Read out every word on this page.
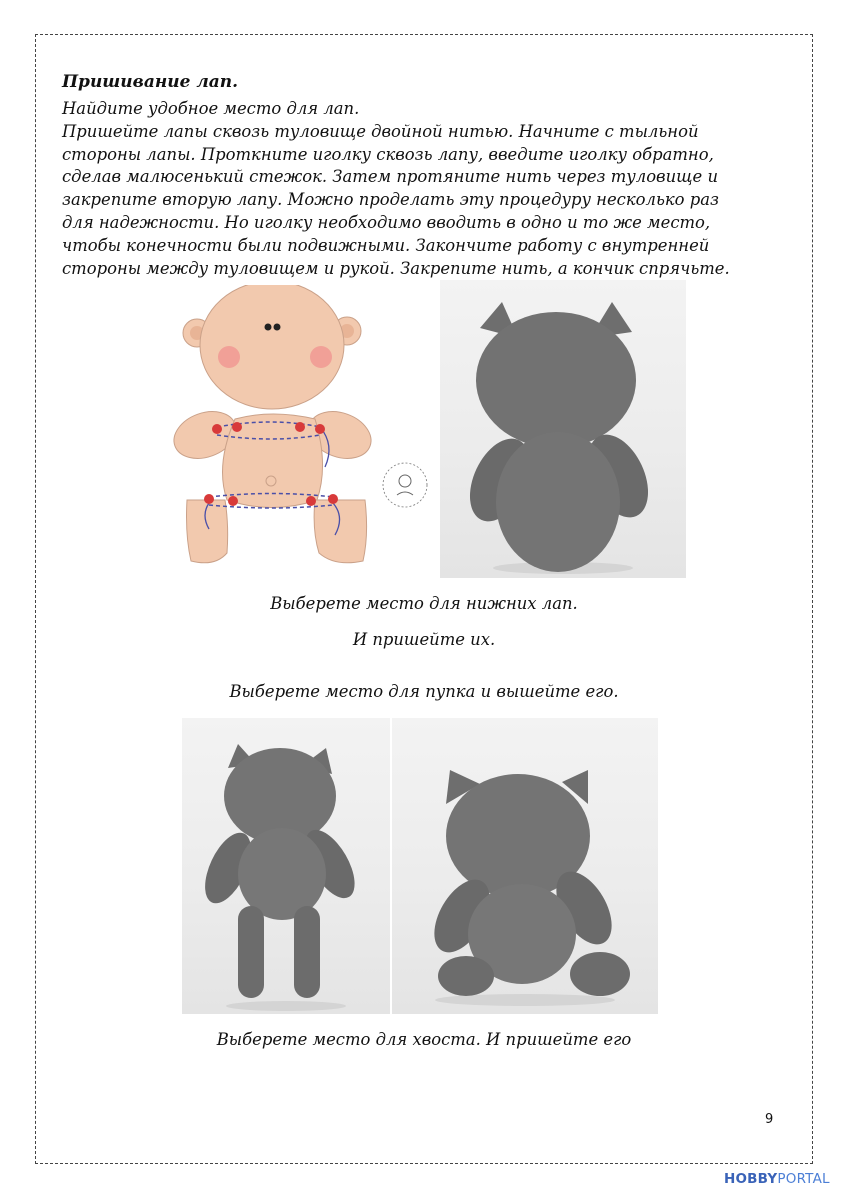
Пришивание лап.

Найдите удобное место для лап.
Пришейте лапы сквозь туловище двойной нитью. Начните с тыльной
стороны лапы. Проткните иголку сквозь лапу, введите иголку обратно,
сделав малюсенький стежок. Затем протяните нить через туловище и
закрепите вторую лапу. Можно проделать эту процедуру несколько раз
для надежности. Но иголку необходимо вводить в одно и то же место,
чтобы конечности были подвижными. Закончите работу с внутренней
стороны между туловищем и рукой. Закрепите нить, а кончик спрячьте.

Выберете место для нижних лап.

И пришейте их.

Выберете место для пупка и вышейте его.

Выберете место для хвоста. И пришейте его

9
HOBBYPORTAL
